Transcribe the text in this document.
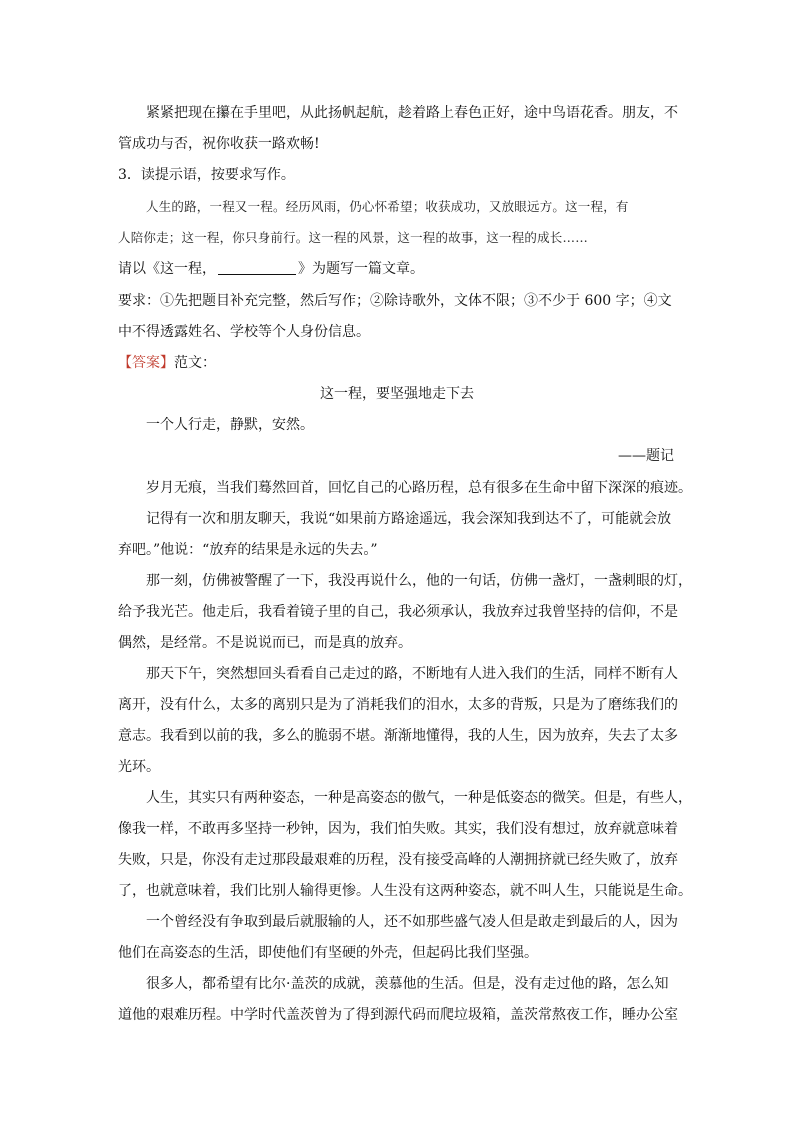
紧紧把现在攥在手里吧，从此扬帆起航，趁着路上春色正好，途中鸟语花香。朋友，不
管成功与否，祝你收获一路欢畅!
3．读提示语，按要求写作。
人生的路，一程又一程。经历风雨，仍心怀希望；收获成功，又放眼远方。这一程，有
人陪你走；这一程，你只身前行。这一程的风景，这一程的故事，这一程的成长……
请以《这一程，	》为题写一篇文章。
要求：①先把题目补充完整，然后写作；②除诗歌外，文体不限；③不少于 600 字；④文
中不得透露姓名、学校等个人身份信息。
【答案】范文：
这一程，要坚强地走下去
一个人行走，静默，安然。
——题记
岁月无痕，当我们蓦然回首，回忆自己的心路历程，总有很多在生命中留下深深的痕迹。
记得有一次和朋友聊天，我说“如果前方路途遥远，我会深知我到达不了，可能就会放
弃吧。”他说：“放弃的结果是永远的失去。”
那一刻，仿佛被警醒了一下，我没再说什么，他的一句话，仿佛一盏灯，一盏刺眼的灯，
给予我光芒。他走后，我看着镜子里的自己，我必须承认，我放弃过我曾坚持的信仰，不是
偶然，是经常。不是说说而已，而是真的放弃。
那天下午，突然想回头看看自己走过的路，不断地有人进入我们的生活，同样不断有人
离开，没有什么，太多的离别只是为了消耗我们的泪水，太多的背叛，只是为了磨练我们的
意志。我看到以前的我，多么的脆弱不堪。渐渐地懂得，我的人生，因为放弃，失去了太多
光环。
人生，其实只有两种姿态，一种是高姿态的傲气，一种是低姿态的微笑。但是，有些人，
像我一样，不敢再多坚持一秒钟，因为，我们怕失败。其实，我们没有想过，放弃就意味着
失败，只是，你没有走过那段最艰难的历程，没有接受高峰的人潮拥挤就已经失败了，放弃
了，也就意味着，我们比别人输得更惨。人生没有这两种姿态，就不叫人生，只能说是生命。
一个曾经没有争取到最后就服输的人，还不如那些盛气凌人但是敢走到最后的人，因为
他们在高姿态的生活，即使他们有坚硬的外壳，但起码比我们坚强。
很多人，都希望有比尔·盖茨的成就，羡慕他的生活。但是，没有走过他的路，怎么知
道他的艰难历程。中学时代盖茨曾为了得到源代码而爬垃圾箱，盖茨常熬夜工作，睡办公室
